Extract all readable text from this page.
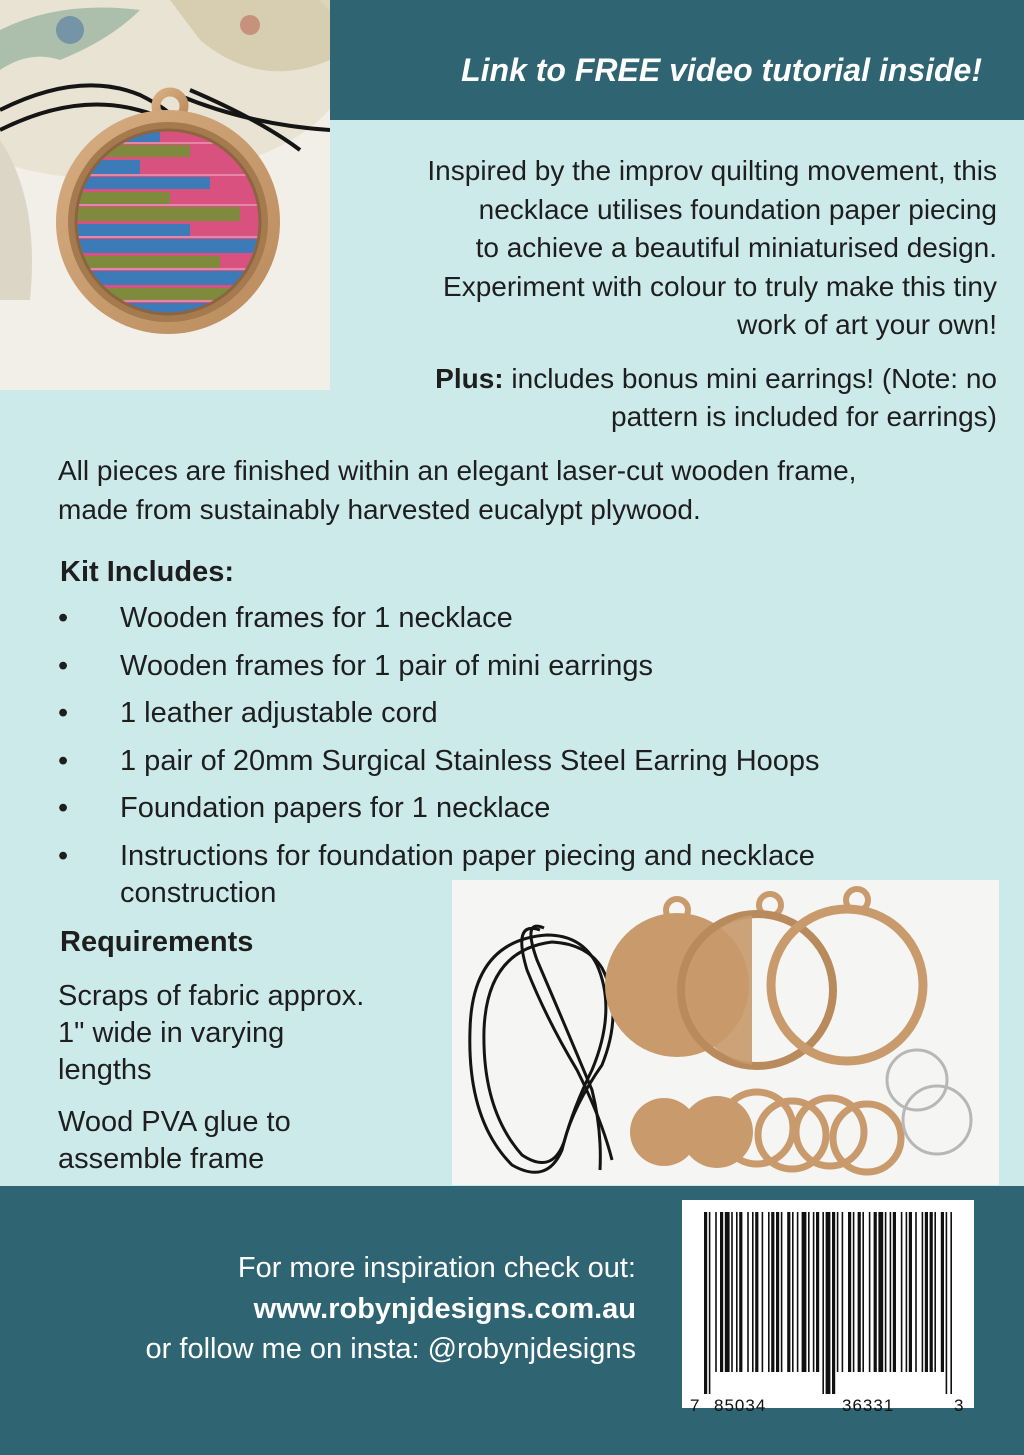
Link to FREE video tutorial inside!

Inspired by the improv quilting movement, this
necklace utilises foundation paper piecing
to achieve a beautiful miniaturised design.
Experiment with colour to truly make this tiny
work of art your own!

Plus: includes bonus mini earrings! (Note: no
pattern is included for earrings)

All pieces are finished within an elegant laser-cut wooden frame,
made from sustainably harvested eucalypt plywood.

Kit Includes:
• Wooden frames for 1 necklace
• Wooden frames for 1 pair of mini earrings
• 1 leather adjustable cord
• 1 pair of 20mm Surgical Stainless Steel Earring Hoops
• Foundation papers for 1 necklace
• Instructions for foundation paper piecing and necklace
construction
Requirements

Scraps of fabric approx.
1" wide in varying
lengths

Wood PVA glue to
assemble frame

For more inspiration check out:
www.robynjdesigns.com.au
or follow me on insta: @robynjdesigns
7 85034	36331	3
